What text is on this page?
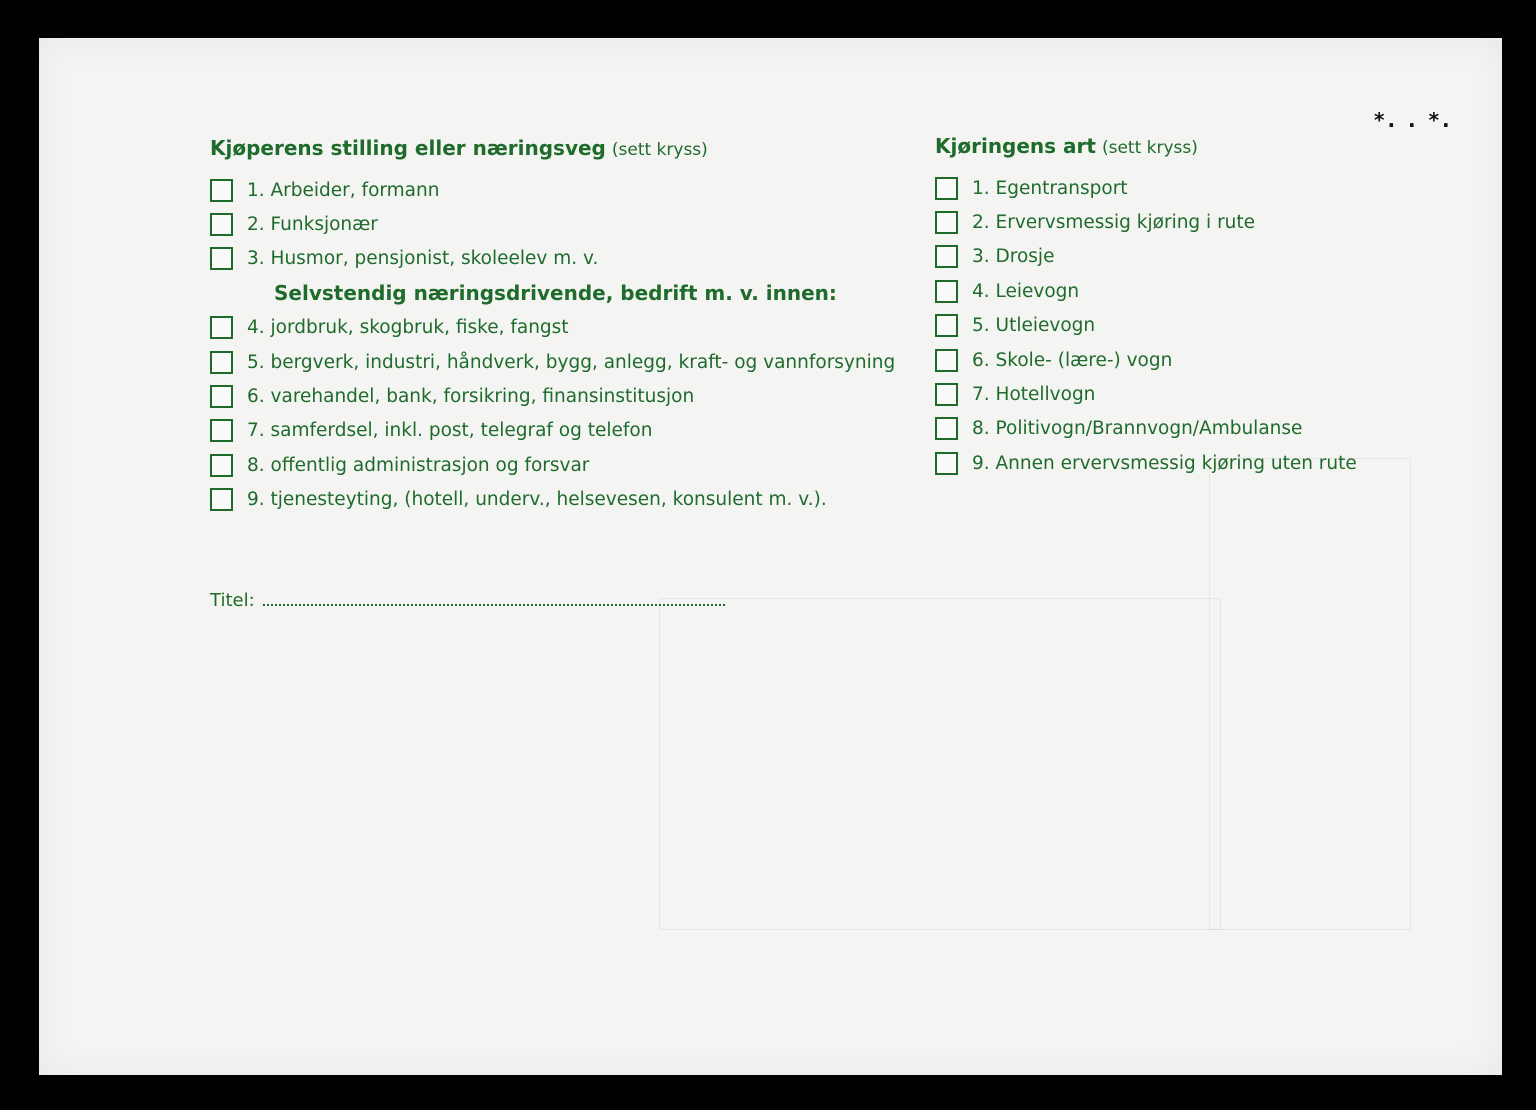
*. . *.
Kjøperens stilling eller næringsveg (sett kryss)
1. Arbeider, formann
2. Funksjonær
3. Husmor, pensjonist, skoleelev m. v.
Selvstendig næringsdrivende, bedrift m. v. innen:
4. jordbruk, skogbruk, fiske, fangst
5. bergverk, industri, håndverk, bygg, anlegg, kraft- og vannforsyning
6. varehandel, bank, forsikring, finansinstitusjon
7. samferdsel, inkl. post, telegraf og telefon
8. offentlig administrasjon og forsvar
9. tjenesteyting, (hotell, underv., helsevesen, konsulent m. v.).
Kjøringens art (sett kryss)
1. Egentransport
2. Ervervsmessig kjøring i rute
3. Drosje
4. Leievogn
5. Utleievogn
6. Skole- (lære-) vogn
7. Hotellvogn
8. Politivogn/Brannvogn/Ambulanse
9. Annen ervervsmessig kjøring uten rute
Titel:
